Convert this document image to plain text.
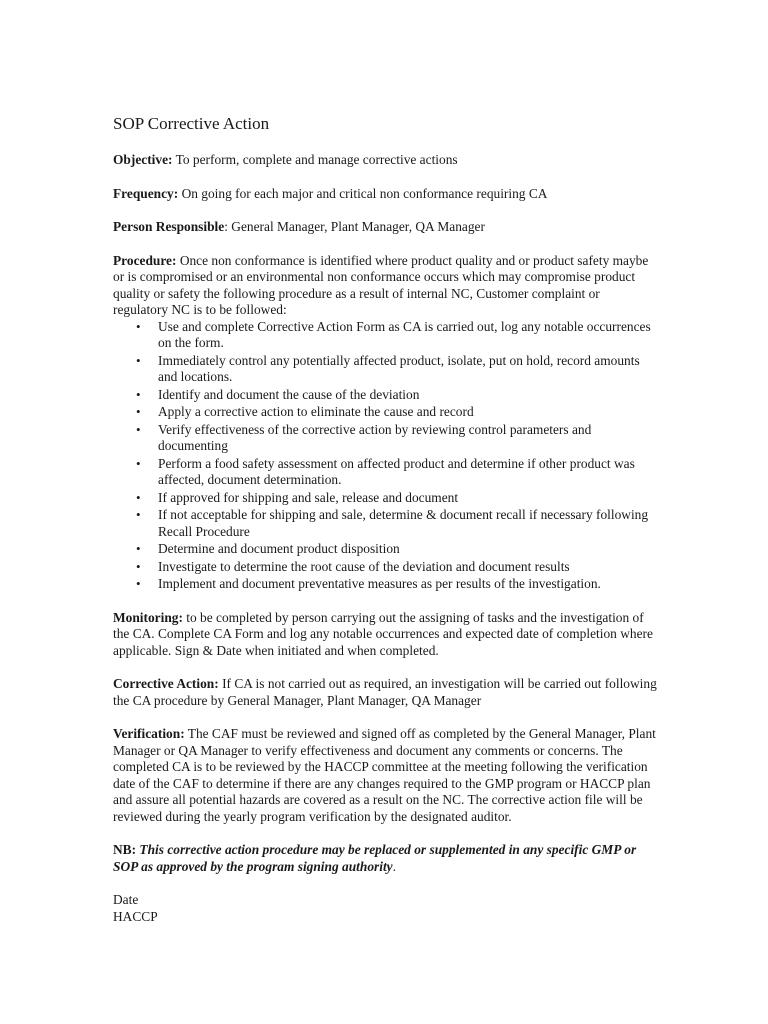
SOP Corrective Action

Objective: To perform, complete and manage corrective actions

Frequency: On going for each major and critical non conformance requiring CA

Person Responsible: General Manager, Plant Manager, QA Manager

Procedure: Once non conformance is identified where product quality and or product safety maybe or is compromised or an environmental non conformance occurs which may compromise product quality or safety the following procedure as a result of internal NC, Customer complaint or regulatory NC is to be followed:
• Use and complete Corrective Action Form as CA is carried out, log any notable occurrences on the form.
• Immediately control any potentially affected product, isolate, put on hold, record amounts and locations.
• Identify and document the cause of the deviation
• Apply a corrective action to eliminate the cause and record
• Verify effectiveness of the corrective action by reviewing control parameters and documenting
• Perform a food safety assessment on affected product and determine if other product was affected, document determination.
• If approved for shipping and sale, release and document
• If not acceptable for shipping and sale, determine & document recall if necessary following Recall Procedure
• Determine and document product disposition
• Investigate to determine the root cause of the deviation and document results
• Implement and document preventative measures as per results of the investigation.

Monitoring: to be completed by person carrying out the assigning of tasks and the investigation of the CA. Complete CA Form and log any notable occurrences and expected date of completion where applicable. Sign & Date when initiated and when completed.

Corrective Action: If CA is not carried out as required, an investigation will be carried out following the CA procedure by General Manager, Plant Manager, QA Manager

Verification: The CAF must be reviewed and signed off as completed by the General Manager, Plant Manager or QA Manager to verify effectiveness and document any comments or concerns. The completed CA is to be reviewed by the HACCP committee at the meeting following the verification date of the CAF to determine if there are any changes required to the GMP program or HACCP plan and assure all potential hazards are covered as a result on the NC. The corrective action file will be reviewed during the yearly program verification by the designated auditor.

NB: This corrective action procedure may be replaced or supplemented in any specific GMP or SOP as approved by the program signing authority.

Date
HACCP
